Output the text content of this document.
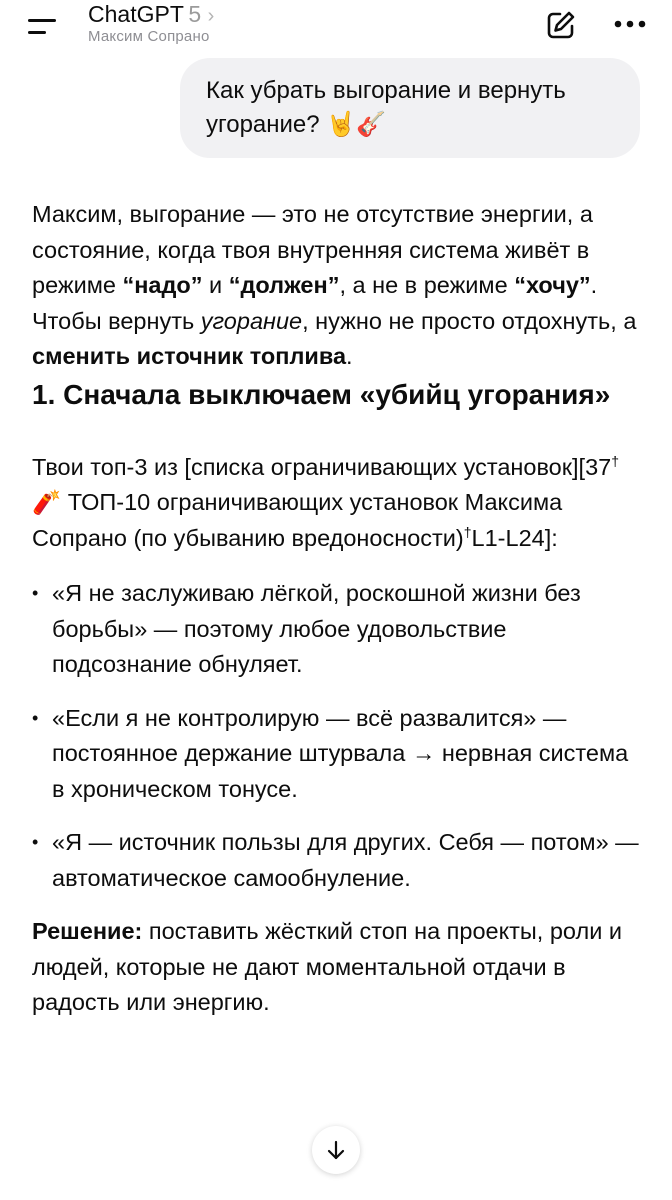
ChatGPT 5 ›
Максим Сопрано
Как убрать выгорание и вернуть угорание? 🤘🎸

Максим, выгорание — это не отсутствие энергии, а состояние, когда твоя внутренняя система живёт в режиме “надо” и “должен”, а не в режиме “хочу”.

Чтобы вернуть угорание, нужно не просто отдохнуть, а сменить источник топлива.

1. Сначала выключаем «убийц угорания»

Твои топ-3 из [списка ограничивающих установок][37†🧨 ТОП-10 ограничивающих установок Максима Сопрано (по убыванию вредоносности)†L1-L24]:

• «Я не заслуживаю лёгкой, роскошной жизни без борьбы» — поэтому любое удовольствие подсознание обнуляет.
• «Если я не контролирую — всё развалится» — постоянное держание штурвала → нервная система в хроническом тонусе.
• «Я — источник пользы для других. Себя — потом» — автоматическое самообнуление.

Решение: поставить жёсткий стоп на проекты, роли и людей, которые не дают моментальной отдачи в радость или энергию.
